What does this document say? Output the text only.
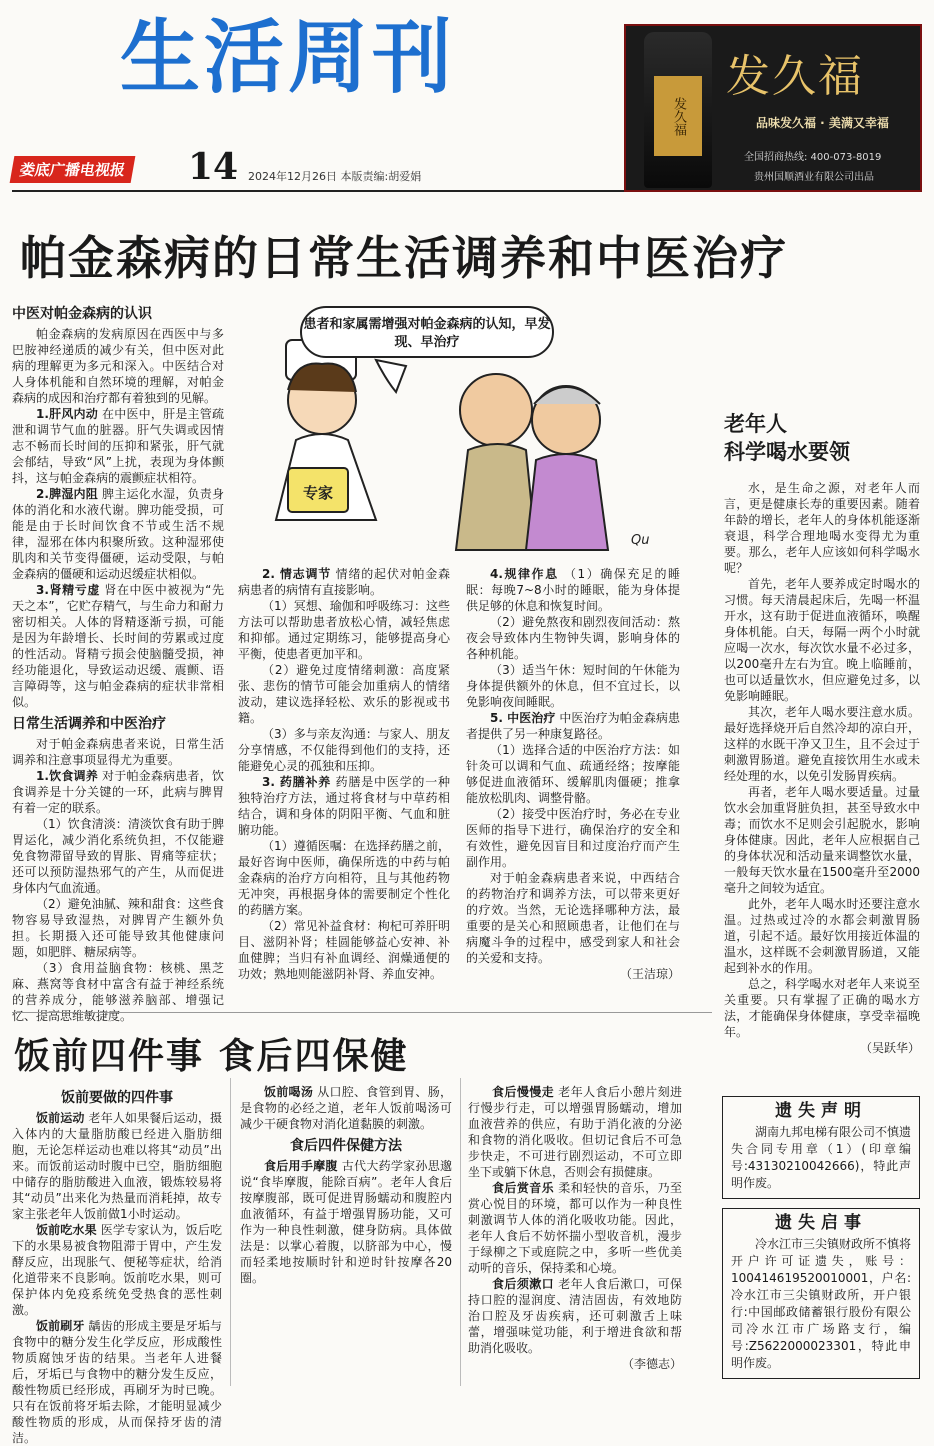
生活周刊
娄底广播电视报 14 2024年12月26日 本版责编:胡爱娟
发久福
发久福
品味发久福 · 美满又幸福
全国招商热线: 400-073-8019
贵州国顺酒业有限公司出品
帕金森病的日常生活调养和中医治疗
专家
Qu
患者和家属需增强对帕金森病的认知，早发现、早治疗
中医对帕金森病的认识

帕金森病的发病原因在西医中与多巴胺神经递质的减少有关，但中医对此病的理解更为多元和深入。中医结合对人身体机能和自然环境的理解，对帕金森病的成因和治疗都有着独到的见解。

1.肝风内动 在中医中，肝是主管疏泄和调节气血的脏器。肝气失调或因情志不畅而长时间的压抑和紧张，肝气就会郁结，导致“风”上扰，表现为身体颤抖，这与帕金森病的震颤症状相符。

2.脾湿内阻 脾主运化水湿，负责身体的消化和水液代谢。脾功能受损，可能是由于长时间饮食不节或生活不规律，湿邪在体内积聚所致。这种湿邪使肌肉和关节变得僵硬，运动受限，与帕金森病的僵硬和运动迟缓症状相似。

3.肾精亏虚 肾在中医中被视为“先天之本”，它贮存精气，与生命力和耐力密切相关。人体的肾精逐渐亏损，可能是因为年龄增长、长时间的劳累或过度的性活动。肾精亏损会使脑髓受损，神经功能退化，导致运动迟缓、震颤、语言障碍等，这与帕金森病的症状非常相似。

日常生活调养和中医治疗

对于帕金森病患者来说，日常生活调养和注意事项显得尤为重要。

1.饮食调养 对于帕金森病患者，饮食调养是十分关键的一环，此病与脾胃有着一定的联系。

（1）饮食清淡：清淡饮食有助于脾胃运化，减少消化系统负担，不仅能避免食物滞留导致的胃胀、胃痛等症状；还可以预防湿热邪气的产生，从而促进身体内气血流通。

（2）避免油腻、辣和甜食：这些食物容易导致湿热，对脾胃产生额外负担。长期摄入还可能导致其他健康问题，如肥胖、糖尿病等。

（3）食用益脑食物：核桃、黑芝麻、燕窝等食材中富含有益于神经系统的营养成分，能够滋养脑部、增强记忆、提高思维敏捷度。

2. 情志调节 情绪的起伏对帕金森病患者的病情有直接影响。

（1）冥想、瑜伽和呼吸练习：这些方法可以帮助患者放松心情，减轻焦虑和抑郁。通过定期练习，能够提高身心平衡，使患者更加平和。

（2）避免过度情绪刺激：高度紧张、悲伤的情节可能会加重病人的情绪波动，建议选择轻松、欢乐的影视或书籍。

（3）多与亲友沟通：与家人、朋友分享情感，不仅能得到他们的支持，还能避免心灵的孤独和压抑。

3. 药膳补养 药膳是中医学的一种独特治疗方法，通过将食材与中草药相结合，调和身体的阴阳平衡、气血和脏腑功能。

（1）遵循医嘱：在选择药膳之前，最好咨询中医师，确保所选的中药与帕金森病的治疗方向相符，且与其他药物无冲突，再根据身体的需要制定个性化的药膳方案。

（2）常见补益食材：枸杞可养肝明目、滋阴补肾；桂圆能够益心安神、补血健脾；当归有补血调经、润燥通便的功效；熟地则能滋阴补肾、养血安神。

4.规律作息 （1）确保充足的睡眠：每晚7~8小时的睡眠，能为身体提供足够的休息和恢复时间。

（2）避免熬夜和剧烈夜间活动：熬夜会导致体内生物钟失调，影响身体的各种机能。

（3）适当午休：短时间的午休能为身体提供额外的休息，但不宜过长，以免影响夜间睡眠。

5. 中医治疗 中医治疗为帕金森病患者提供了另一种康复路径。

（1）选择合适的中医治疗方法：如针灸可以调和气血、疏通经络；按摩能够促进血液循环、缓解肌肉僵硬；推拿能放松肌肉、调整骨骼。

（2）接受中医治疗时，务必在专业医师的指导下进行，确保治疗的安全和有效性，避免因盲目和过度治疗而产生副作用。

对于帕金森病患者来说，中西结合的药物治疗和调养方法，可以带来更好的疗效。当然，无论选择哪种方法，最重要的是关心和照顾患者，让他们在与病魔斗争的过程中，感受到家人和社会的关爱和支持。

（王洁琼）
老年人
科学喝水要领

水，是生命之源，对老年人而言，更是健康长寿的重要因素。随着年龄的增长，老年人的身体机能逐渐衰退，科学合理地喝水变得尤为重要。那么，老年人应该如何科学喝水呢？

首先，老年人要养成定时喝水的习惯。每天清晨起床后，先喝一杯温开水，这有助于促进血液循环，唤醒身体机能。白天，每隔一两个小时就应喝一次水，每次饮水量不必过多，以200毫升左右为宜。晚上临睡前，也可以适量饮水，但应避免过多，以免影响睡眠。

其次，老年人喝水要注意水质。最好选择烧开后自然冷却的凉白开，这样的水既干净又卫生，且不会过于刺激胃肠道。避免直接饮用生水或未经处理的水，以免引发肠胃疾病。

再者，老年人喝水要适量。过量饮水会加重肾脏负担，甚至导致水中毒；而饮水不足则会引起脱水，影响身体健康。因此，老年人应根据自己的身体状况和活动量来调整饮水量，一般每天饮水量在1500毫升至2000毫升之间较为适宜。

此外，老年人喝水时还要注意水温。过热或过冷的水都会刺激胃肠道，引起不适。最好饮用接近体温的温水，这样既不会刺激胃肠道，又能起到补水的作用。

总之，科学喝水对老年人来说至关重要。只有掌握了正确的喝水方法，才能确保身体健康，享受幸福晚年。

（吴跃华）
饭前四件事 食后四保健
饭前要做的四件事

饭前运动 老年人如果餐后运动，摄入体内的大量脂肪酸已经进入脂肪细胞，无论怎样运动也难以将其“动员”出来。而饭前运动时腹中已空，脂肪细胞中储存的脂肪酸进入血液，锻炼较易将其“动员”出来化为热量而消耗掉，故专家主张老年人饭前做1小时运动。

饭前吃水果 医学专家认为，饭后吃下的水果易被食物阻滞于胃中，产生发酵反应，出现胀气、便秘等症状，给消化道带来不良影响。饭前吃水果，则可保护体内免疫系统免受热食的恶性刺激。

饭前刷牙 龋齿的形成主要是牙垢与食物中的糖分发生化学反应，形成酸性物质腐蚀牙齿的结果。当老年人进餐后，牙垢已与食物中的糖分发生反应，酸性物质已经形成，再刷牙为时已晚。只有在饭前将牙垢去除，才能明显减少酸性物质的形成，从而保持牙齿的清洁。

饭前喝汤 从口腔、食管到胃、肠，是食物的必经之道，老年人饭前喝汤可减少干硬食物对消化道黏膜的刺激。

食后四件保健方法

食后用手摩腹 古代大药学家孙思邈说“食毕摩腹，能除百病”。老年人食后按摩腹部，既可促进胃肠蠕动和腹腔内血液循环，有益于增强胃肠功能，又可作为一种良性刺激，健身防病。具体做法是：以掌心着腹，以脐部为中心，慢而轻柔地按顺时针和逆时针按摩各20圈。

食后慢慢走 老年人食后小憩片刻进行慢步行走，可以增强胃肠蠕动，增加血液营养的供应，有助于消化液的分泌和食物的消化吸收。但切记食后不可急步快走，不可进行剧烈运动，不可立即坐下或躺下休息，否则会有损健康。

食后赏音乐 柔和轻快的音乐，乃至赏心悦目的环境，都可以作为一种良性刺激调节人体的消化吸收功能。因此，老年人食后不妨怀揣小型收音机，漫步于绿柳之下或庭院之中，多听一些优美动听的音乐，保持柔和心境。

食后须漱口 老年人食后漱口，可保持口腔的湿润度、清洁固齿，有效地防治口腔及牙齿疾病，还可刺激舌上味蕾，增强味觉功能，利于增进食欲和帮助消化吸收。

（李德志）
遗失声明

湖南九邦电梯有限公司不慎遗失合同专用章（1）(印章编号:43130210042666)，特此声明作废。

遗失启事

冷水江市三尖镇财政所不慎将开户许可证遗失，账号：100414619520010001，户名:冷水江市三尖镇财政所，开户银行:中国邮政储蓄银行股份有限公司冷水江市广场路支行，编号:Z5622000023301，特此申明作废。
